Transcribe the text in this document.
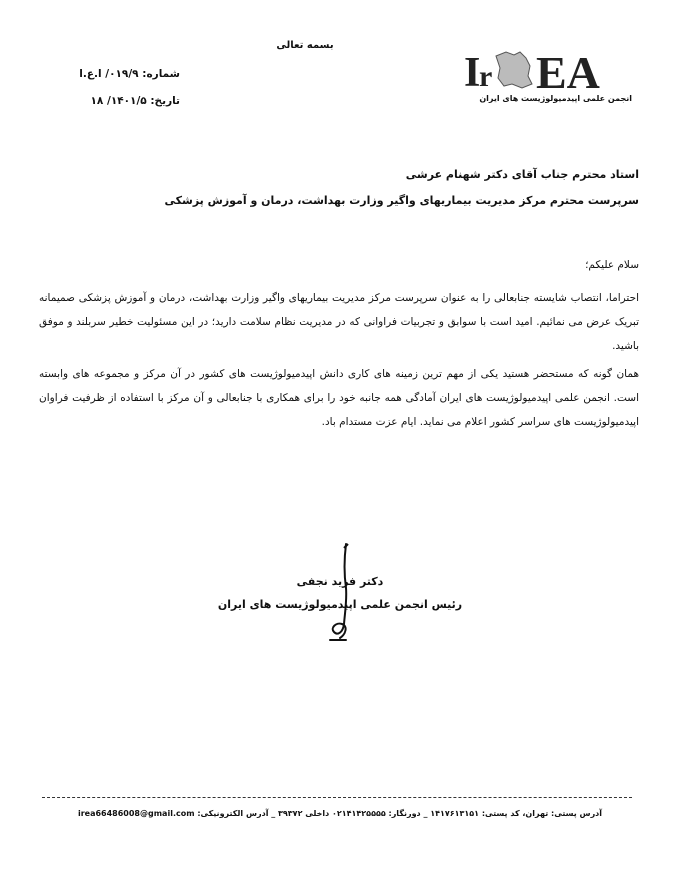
بسمه تعالی
شماره: ۰۱۹/۹/ ا.ع.ا
تاریخ: ۱۴۰۱/۵/ ۱۸
I
r EA
انجمن علمی اپیدمیولوژیست های ایران
استاد محترم جناب آقای دکتر شهنام عرشی
سرپرست محترم مرکز مدیریت بیماریهای واگیر وزارت بهداشت، درمان و آموزش پزشکی
سلام علیکم؛
احتراما، انتصاب شایسته جنابعالی را به عنوان سرپرست مرکز مدیریت بیماریهای واگیر وزارت بهداشت، درمان و آموزش پزشکی صمیمانه تبریک عرض می نمائیم. امید است با سوابق و تجربیات فراوانی که در مدیریت نظام سلامت دارید؛ در این مسئولیت خطیر سربلند و موفق باشید.
همان گونه که مستحضر هستید یکی از مهم ترین زمینه های کاری دانش اپیدمیولوژیست های کشور در آن مرکز و مجموعه های وابسته است. انجمن علمی اپیدمیولوژیست های ایران آمادگی همه جانبه خود را برای همکاری با جنابعالی و آن مرکز با استفاده از ظرفیت فراوان اپیدمیولوژیست های سراسر کشور اعلام می نماید. ایام عزت مستدام باد.
دکتر فرید نجفی
رئیس انجمن علمی اپیدمیولوژیست های ایران
آدرس پستی: تهران، کد پستی: ۱۴۱۷۶۱۳۱۵۱ _ دورنگار: ۰۲۱۴۱۴۲۵۵۵۵ داخلی ۳۹۳۷۲ _ آدرس الکترونیکی: irea66486008@gmail.com
